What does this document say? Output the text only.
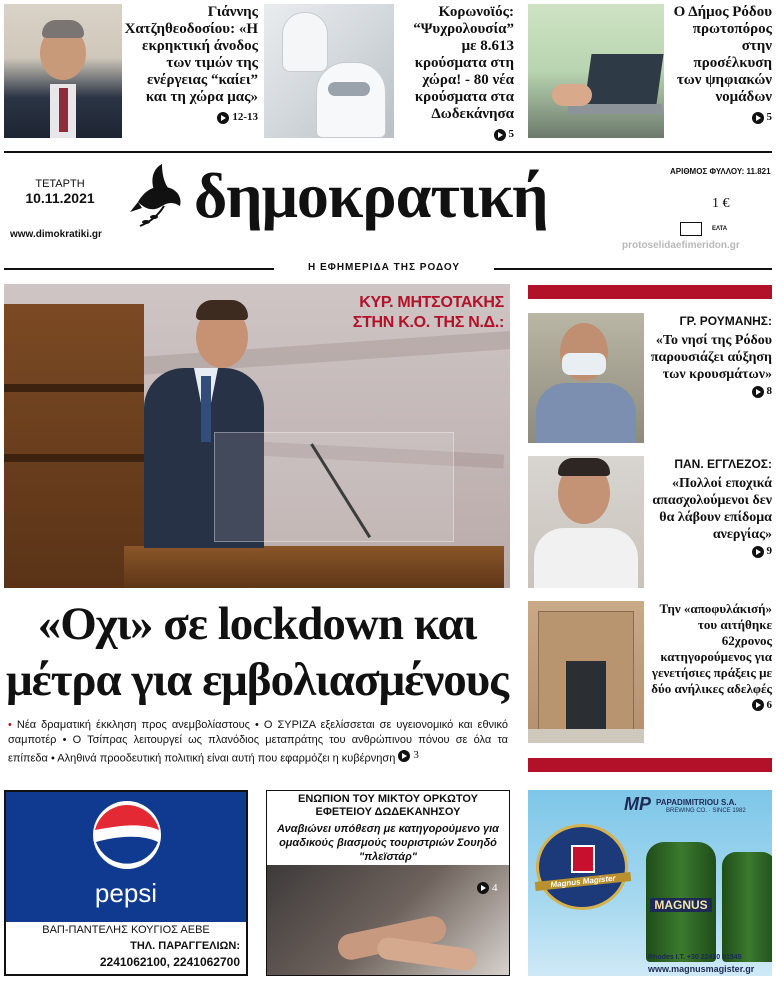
Γιάννης Χατζηθεοδοσίου: «Η εκρηκτική άνοδος των τιμών της ενέργειας “καίει” και τη χώρα μας»
12-13
Κορωνοϊός: “Ψυχρολουσία” με 8.613 κρούσματα στη χώρα! - 80 νέα κρούσματα στα Δωδεκάνησα
5
Ο Δήμος Ρόδου πρωτοπόρος στην προσέλκυση των ψηφιακών νομάδων
5
ΤΕΤΑΡΤΗ
10.11.2021
www.dimokratiki.gr
δημοκρατική	ΑΡΙΘΜΟΣ ΦΥΛΛΟΥ: 11.821
1 €
ΕΛΤΑ
protoselidaefimeridon.gr
Η ΕΦΗΜΕΡΙΔΑ ΤΗΣ ΡΟΔΟΥ
ΚΥΡ. ΜΗΤΣΟΤΑΚΗΣ
ΣΤΗΝ Κ.Ο. ΤΗΣ Ν.Δ.:
«Οχι» σε lockdown και
μέτρα για εμβολιασμένους
• Νέα δραματική έκκληση προς ανεμβολίαστους • Ο ΣΥΡΙΖΑ εξελίσσεται σε υγειονομικό και εθνικό σαμποτέρ • Ο Τσίπρας λειτουργεί ως πλανόδιος μεταπράτης του ανθρώπινου πόνου σε όλα τα επίπεδα • Αληθινά προοδευτική πολιτική είναι αυτή που εφαρμόζει η κυβέρνηση 3
ΓΡ. ΡΟΥΜΑΝΗΣ:
«Το νησί της Ρόδου παρουσιάζει αύξηση των κρουσμάτων»
8
ΠΑΝ. ΕΓΓΛΕΖΟΣ:
«Πολλοί εποχικά απασχολούμενοι δεν θα λάβουν επίδομα ανεργίας»
9
Την «αποφυλάκισή» του αιτήθηκε 62χρονος κατηγορούμενος για γενετήσιες πράξεις με δύο ανήλικες αδελφές
6
pepsi
ΒΑΠ-ΠΑΝΤΕΛΗΣ ΚΟΥΓΙΟΣ ΑΕΒΕ
ΤΗΛ. ΠΑΡΑΓΓΕΛΙΩΝ:
2241062100, 2241062700
ΕΝΩΠΙΟΝ ΤΟΥ ΜΙΚΤΟΥ ΟΡΚΩΤΟΥ
ΕΦΕΤΕΙΟΥ ΔΩΔΕΚΑΝΗΣΟΥ
Αναβιώνει υπόθεση με κατηγορούμενο για ομαδικούς βιασμούς τουριστριών Σουηδό "πλεϊστάρ"
4
MP PAPADIMITRIOU S.A.
BREWING CO. · SINCE 1982
Magnus Magister
MAGNUS
Rhodes I.T. +30 22410 91545
www.magnusmagister.gr
